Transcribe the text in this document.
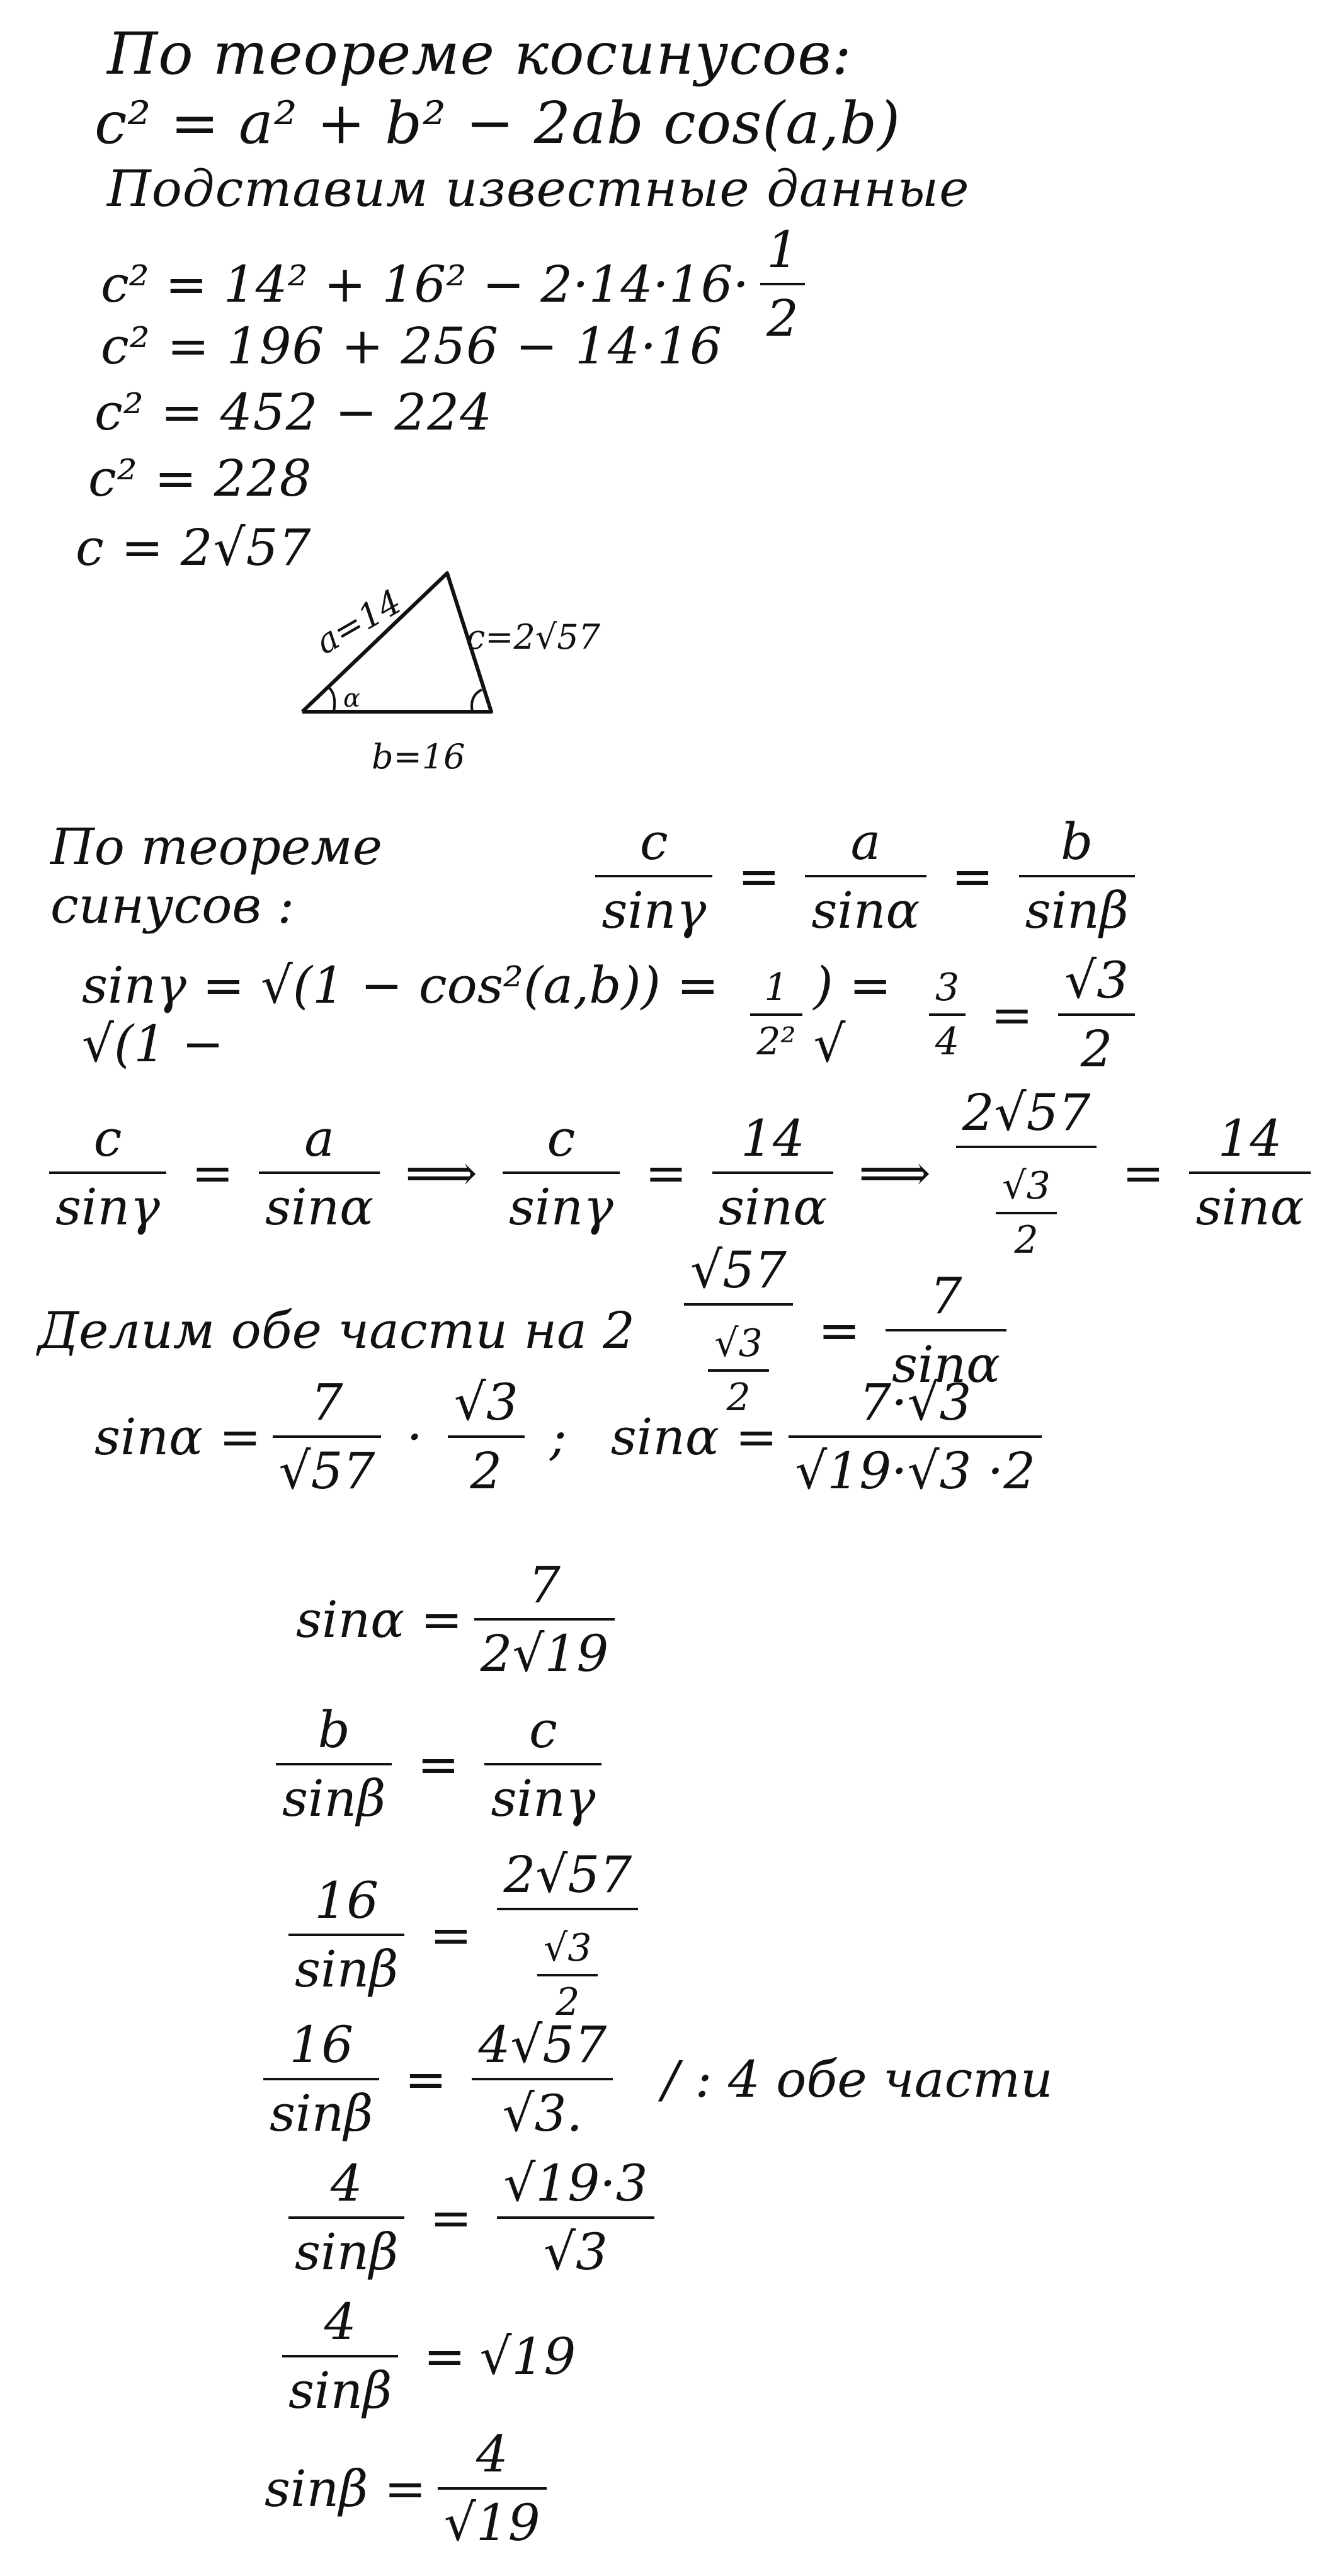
По теореме косинусов:
c² = a² + b² − 2ab cos(a,b)
Подставим известные данные
$c^2 = 14^2 + 16^2 - 2\cdot 14\cdot 16\cdot \frac{1}{2}$
c² = 196 + 256 − 14·16
c² = 452 − 224
c² = 228
c = 2√57
a=14 c=2√57
b=16
α
По теореме синусов :	$\frac{c}{\sin\gamma} = \frac{a}{\sin\alpha} = \frac{b}{\sin\beta}$
sinγ = √(1 − cos²(a,b)) = √(1 −	$\frac{1}{\text{2²}}$ ) = √	$\frac{3}{4} = \frac{√3}{2}$
$\frac{c}{\sin\gamma} = \frac{a}{\sin\alpha}$ ⟹ $\frac{c}{\sin\gamma} = \frac{14}{\sin\alpha}$ ⟹ $\frac{2√57}{\frac{√3}{2}} = \frac{14}{\sin\alpha}$
Делим обе части на $2 \frac{√57}{\frac{√3}{2}} = \frac{7}{\sin\alpha}$
$\sin\alpha = \frac{7}{√57} \cdot \frac{√3}{2}$ ; $\sin\alpha = \frac{7\cdot√3}{√19\cdot√3 \cdot 2}$
$\sin\alpha = \frac{7}{2√19}$
$\frac{b}{\sin\beta} = \frac{c}{\sin\gamma}$
$\frac{16}{\sin\beta} = \frac{2√57}{\frac{√3}{2}}$
$\frac{16}{\sin\beta} = \frac{4√57}{√3.}$ / : 4 обе части
$\frac{4}{\sin\beta} = \frac{√19\cdot 3}{√3}$
$\frac{4}{\sin\beta} = √19$
$\sin\beta = \frac{4}{√19}$
